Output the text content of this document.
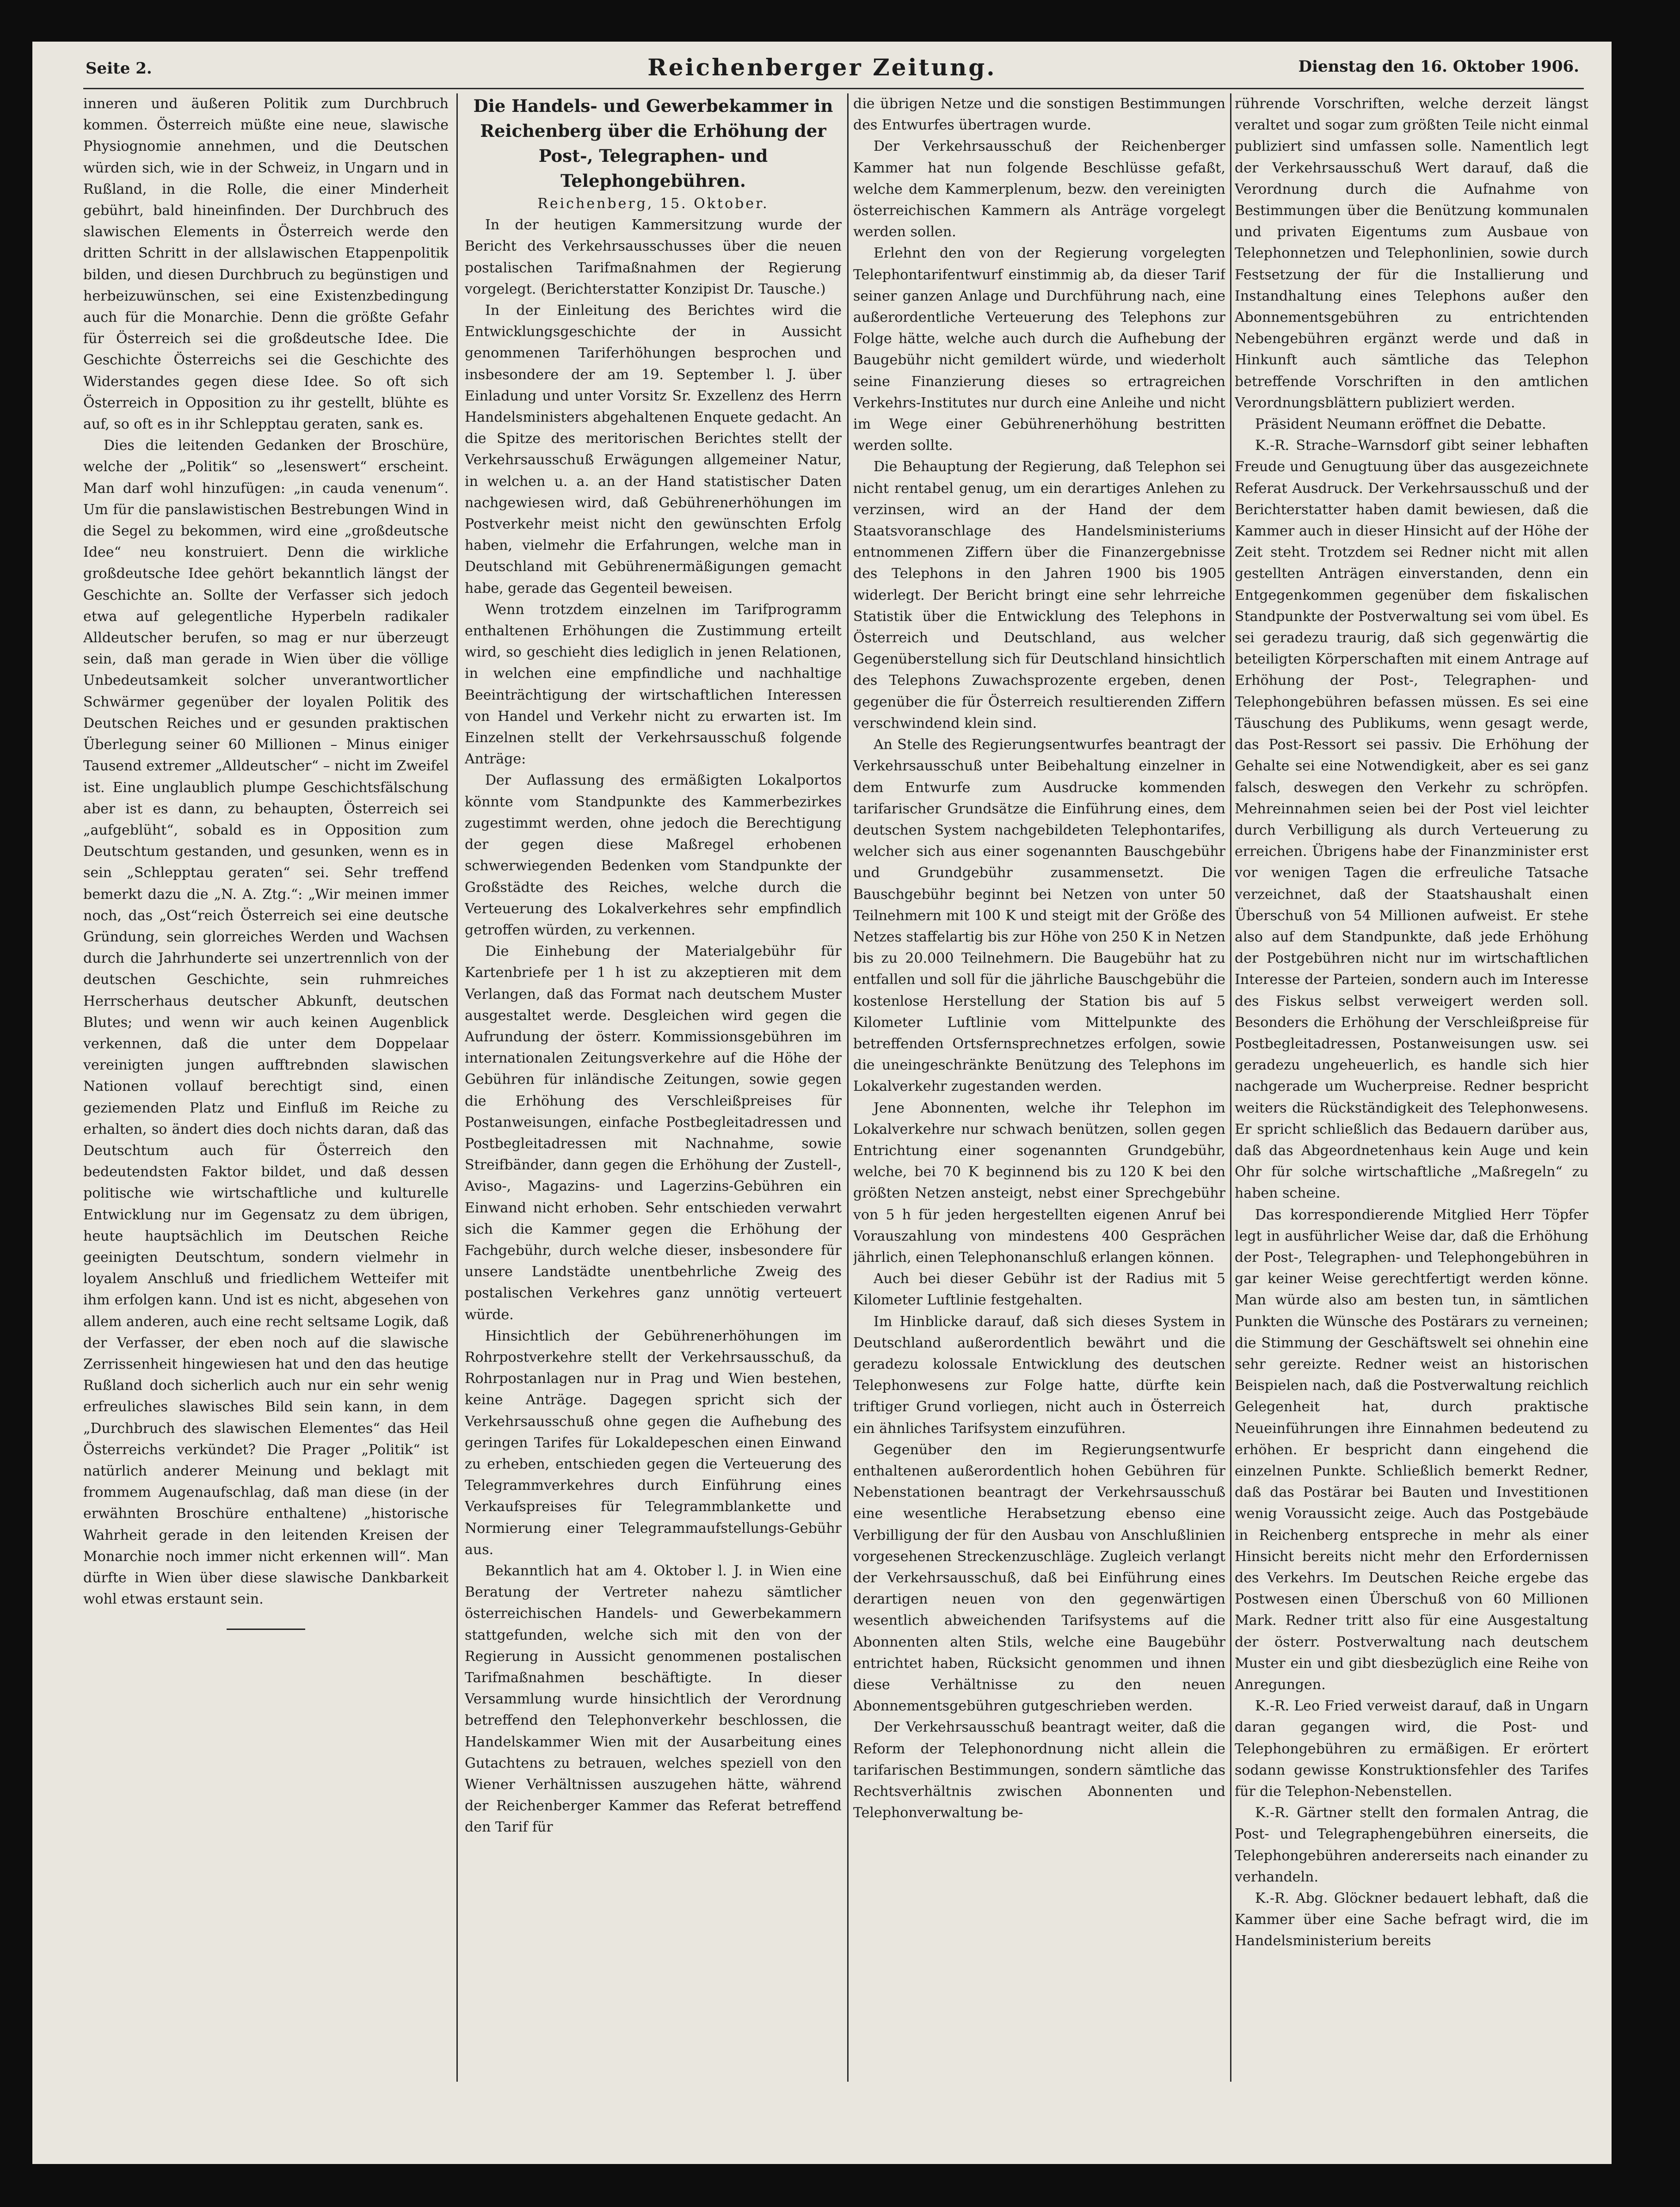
Seite 2.	Reichenberger Zeitung.	Dienstag den 16. Oktober 1906.

inneren und äußeren Politik zum Durchbruch kommen. Österreich müßte eine neue, slawische Physiognomie annehmen, und die Deutschen würden sich, wie in der Schweiz, in Ungarn und in Rußland, in die Rolle, die einer Minderheit gebührt, bald hineinfinden. Der Durchbruch des slawischen Elements in Österreich werde den dritten Schritt in der allslawischen Etappenpolitik bilden, und diesen Durchbruch zu begünstigen und herbeizuwünschen, sei eine Existenzbedingung auch für die Monarchie. Denn die größte Gefahr für Österreich sei die großdeutsche Idee. Die Geschichte Österreichs sei die Geschichte des Widerstandes gegen diese Idee. So oft sich Österreich in Opposition zu ihr gestellt, blühte es auf, so oft es in ihr Schlepptau geraten, sank es.

Dies die leitenden Gedanken der Broschüre, welche der „Politik“ so „lesenswert“ erscheint. Man darf wohl hinzufügen: „in cauda venenum“. Um für die panslawistischen Bestrebungen Wind in die Segel zu bekommen, wird eine „großdeutsche Idee“ neu konstruiert. Denn die wirkliche großdeutsche Idee gehört bekanntlich längst der Geschichte an. Sollte der Verfasser sich jedoch etwa auf gelegentliche Hyperbeln radikaler Alldeutscher berufen, so mag er nur überzeugt sein, daß man gerade in Wien über die völlige Unbedeutsamkeit solcher unverantwortlicher Schwärmer gegenüber der loyalen Politik des Deutschen Reiches und er gesunden praktischen Überlegung seiner 60 Millionen – Minus einiger Tausend extremer „Alldeutscher“ – nicht im Zweifel ist. Eine unglaublich plumpe Geschichtsfälschung aber ist es dann, zu behaupten, Österreich sei „aufgeblüht“, sobald es in Opposition zum Deutschtum gestanden, und gesunken, wenn es in sein „Schlepptau geraten“ sei. Sehr treffend bemerkt dazu die „N. A. Ztg.“: „Wir meinen immer noch, das „Ost“reich Österreich sei eine deutsche Gründung, sein glorreiches Werden und Wachsen durch die Jahrhunderte sei unzertrennlich von der deutschen Geschichte, sein ruhmreiches Herrscherhaus deutscher Abkunft, deutschen Blutes; und wenn wir auch keinen Augenblick verkennen, daß die unter dem Doppelaar vereinigten jungen aufftrebnden slawischen Nationen vollauf berechtigt sind, einen geziemenden Platz und Einfluß im Reiche zu erhalten, so ändert dies doch nichts daran, daß das Deutschtum auch für Österreich den bedeutendsten Faktor bildet, und daß dessen politische wie wirtschaftliche und kulturelle Entwicklung nur im Gegensatz zu dem übrigen, heute hauptsächlich im Deutschen Reiche geeinigten Deutschtum, sondern vielmehr in loyalem Anschluß und friedlichem Wetteifer mit ihm erfolgen kann. Und ist es nicht, abgesehen von allem anderen, auch eine recht seltsame Logik, daß der Verfasser, der eben noch auf die slawische Zerrissenheit hingewiesen hat und den das heutige Rußland doch sicherlich auch nur ein sehr wenig erfreuliches slawisches Bild sein kann, in dem „Durchbruch des slawischen Elementes“ das Heil Österreichs verkündet? Die Prager „Politik“ ist natürlich anderer Meinung und beklagt mit frommem Augenaufschlag, daß man diese (in der erwähnten Broschüre enthaltene) „historische Wahrheit gerade in den leitenden Kreisen der Monarchie noch immer nicht erkennen will“. Man dürfte in Wien über diese slawische Dankbarkeit wohl etwas erstaunt sein.

Die Handels- und Gewerbekammer in Reichenberg über die Erhöhung der Post-, Telegraphen- und Telephongebühren.

Reichenberg, 15. Oktober.

In der heutigen Kammersitzung wurde der Bericht des Verkehrsausschusses über die neuen postalischen Tarifmaßnahmen der Regierung vorgelegt. (Berichterstatter Konzipist Dr. Tausche.)

In der Einleitung des Berichtes wird die Entwicklungsgeschichte der in Aussicht genommenen Tariferhöhungen besprochen und insbesondere der am 19. September l. J. über Einladung und unter Vorsitz Sr. Exzellenz des Herrn Handelsministers abgehaltenen Enquete gedacht. An die Spitze des meritorischen Berichtes stellt der Verkehrsausschuß Erwägungen allgemeiner Natur, in welchen u. a. an der Hand statistischer Daten nachgewiesen wird, daß Gebührenerhöhungen im Postverkehr meist nicht den gewünschten Erfolg haben, vielmehr die Erfahrungen, welche man in Deutschland mit Gebührenermäßigungen gemacht habe, gerade das Gegenteil beweisen.

Wenn trotzdem einzelnen im Tarifprogramm enthaltenen Erhöhungen die Zustimmung erteilt wird, so geschieht dies lediglich in jenen Relationen, in welchen eine empfindliche und nachhaltige Beeinträchtigung der wirtschaftlichen Interessen von Handel und Verkehr nicht zu erwarten ist. Im Einzelnen stellt der Verkehrsausschuß folgende Anträge:

Der Auflassung des ermäßigten Lokalportos könnte vom Standpunkte des Kammerbezirkes zugestimmt werden, ohne jedoch die Berechtigung der gegen diese Maßregel erhobenen schwerwiegenden Bedenken vom Standpunkte der Großstädte des Reiches, welche durch die Verteuerung des Lokalverkehres sehr empfindlich getroffen würden, zu verkennen.

Die Einhebung der Materialgebühr für Kartenbriefe per 1 h ist zu akzeptieren mit dem Verlangen, daß das Format nach deutschem Muster ausgestaltet werde. Desgleichen wird gegen die Aufrundung der österr. Kommissionsgebühren im internationalen Zeitungsverkehre auf die Höhe der Gebühren für inländische Zeitungen, sowie gegen die Erhöhung des Verschleißpreises für Postanweisungen, einfache Postbegleitadressen und Postbegleitadressen mit Nachnahme, sowie Streifbänder, dann gegen die Erhöhung der Zustell-, Aviso-, Magazins- und Lagerzins-Gebühren ein Einwand nicht erhoben. Sehr entschieden verwahrt sich die Kammer gegen die Erhöhung der Fachgebühr, durch welche dieser, insbesondere für unsere Landstädte unentbehrliche Zweig des postalischen Verkehres ganz unnötig verteuert würde.

Hinsichtlich der Gebührenerhöhungen im Rohrpostverkehre stellt der Verkehrsausschuß, da Rohrpostanlagen nur in Prag und Wien bestehen, keine Anträge. Dagegen spricht sich der Verkehrsausschuß ohne gegen die Aufhebung des geringen Tarifes für Lokaldepeschen einen Einwand zu erheben, entschieden gegen die Verteuerung des Telegrammverkehres durch Einführung eines Verkaufspreises für Telegrammblankette und Normierung einer Telegrammaufstellungs-Gebühr aus.

Bekanntlich hat am 4. Oktober l. J. in Wien eine Beratung der Vertreter nahezu sämtlicher österreichischen Handels- und Gewerbekammern stattgefunden, welche sich mit den von der Regierung in Aussicht genommenen postalischen Tarifmaßnahmen beschäftigte. In dieser Versammlung wurde hinsichtlich der Verordnung betreffend den Telephonverkehr beschlossen, die Handelskammer Wien mit der Ausarbeitung eines Gutachtens zu betrauen, welches speziell von den Wiener Verhältnissen auszugehen hätte, während der Reichenberger Kammer das Referat betreffend den Tarif für

die übrigen Netze und die sonstigen Bestimmungen des Entwurfes übertragen wurde.

Der Verkehrsausschuß der Reichenberger Kammer hat nun folgende Beschlüsse gefaßt, welche dem Kammerplenum, bezw. den vereinigten österreichischen Kammern als Anträge vorgelegt werden sollen.

Erlehnt den von der Regierung vorgelegten Telephontarifentwurf einstimmig ab, da dieser Tarif seiner ganzen Anlage und Durchführung nach, eine außerordentliche Verteuerung des Telephons zur Folge hätte, welche auch durch die Aufhebung der Baugebühr nicht gemildert würde, und wiederholt seine Finanzierung dieses so ertragreichen Verkehrs-Institutes nur durch eine Anleihe und nicht im Wege einer Gebührenerhöhung bestritten werden sollte.

Die Behauptung der Regierung, daß Telephon sei nicht rentabel genug, um ein derartiges Anlehen zu verzinsen, wird an der Hand der dem Staatsvoranschlage des Handelsministeriums entnommenen Ziffern über die Finanzergebnisse des Telephons in den Jahren 1900 bis 1905 widerlegt. Der Bericht bringt eine sehr lehrreiche Statistik über die Entwicklung des Telephons in Österreich und Deutschland, aus welcher Gegenüberstellung sich für Deutschland hinsichtlich des Telephons Zuwachsprozente ergeben, denen gegenüber die für Österreich resultierenden Ziffern verschwindend klein sind.

An Stelle des Regierungsentwurfes beantragt der Verkehrsausschuß unter Beibehaltung einzelner in dem Entwurfe zum Ausdrucke kommenden tarifarischer Grundsätze die Einführung eines, dem deutschen System nachgebildeten Telephontarifes, welcher sich aus einer sogenannten Bauschgebühr und Grundgebühr zusammensetzt. Die Bauschgebühr beginnt bei Netzen von unter 50 Teilnehmern mit 100 K und steigt mit der Größe des Netzes staffelartig bis zur Höhe von 250 K in Netzen bis zu 20.000 Teilnehmern. Die Baugebühr hat zu entfallen und soll für die jährliche Bauschgebühr die kostenlose Herstellung der Station bis auf 5 Kilometer Luftlinie vom Mittelpunkte des betreffenden Ortsfernsprechnetzes erfolgen, sowie die uneingeschränkte Benützung des Telephons im Lokalverkehr zugestanden werden.

Jene Abonnenten, welche ihr Telephon im Lokalverkehre nur schwach benützen, sollen gegen Entrichtung einer sogenannten Grundgebühr, welche, bei 70 K beginnend bis zu 120 K bei den größten Netzen ansteigt, nebst einer Sprechgebühr von 5 h für jeden hergestellten eigenen Anruf bei Vorauszahlung von mindestens 400 Gesprächen jährlich, einen Telephonanschluß erlangen können.

Auch bei dieser Gebühr ist der Radius mit 5 Kilometer Luftlinie festgehalten.

Im Hinblicke darauf, daß sich dieses System in Deutschland außerordentlich bewährt und die geradezu kolossale Entwicklung des deutschen Telephonwesens zur Folge hatte, dürfte kein triftiger Grund vorliegen, nicht auch in Österreich ein ähnliches Tarifsystem einzuführen.

Gegenüber den im Regierungsentwurfe enthaltenen außerordentlich hohen Gebühren für Nebenstationen beantragt der Verkehrsausschuß eine wesentliche Herabsetzung ebenso eine Verbilligung der für den Ausbau von Anschlußlinien vorgesehenen Streckenzuschläge. Zugleich verlangt der Verkehrsausschuß, daß bei Einführung eines derartigen neuen von den gegenwärtigen wesentlich abweichenden Tarifsystems auf die Abonnenten alten Stils, welche eine Baugebühr entrichtet haben, Rücksicht genommen und ihnen diese Verhältnisse zu den neuen Abonnementsgebühren gutgeschrieben werden.

Der Verkehrsausschuß beantragt weiter, daß die Reform der Telephonordnung nicht allein die tarifarischen Bestimmungen, sondern sämtliche das Rechtsverhältnis zwischen Abonnenten und Telephonverwaltung be-

rührende Vorschriften, welche derzeit längst veraltet und sogar zum größten Teile nicht einmal publiziert sind umfassen solle. Namentlich legt der Verkehrsausschuß Wert darauf, daß die Verordnung durch die Aufnahme von Bestimmungen über die Benützung kommunalen und privaten Eigentums zum Ausbaue von Telephonnetzen und Telephonlinien, sowie durch Festsetzung der für die Installierung und Instandhaltung eines Telephons außer den Abonnementsgebühren zu entrichtenden Nebengebühren ergänzt werde und daß in Hinkunft auch sämtliche das Telephon betreffende Vorschriften in den amtlichen Verordnungsblättern publiziert werden.

Präsident Neumann eröffnet die Debatte.

K.-R. Strache–Warnsdorf gibt seiner lebhaften Freude und Genugtuung über das ausgezeichnete Referat Ausdruck. Der Verkehrsausschuß und der Berichterstatter haben damit bewiesen, daß die Kammer auch in dieser Hinsicht auf der Höhe der Zeit steht. Trotzdem sei Redner nicht mit allen gestellten Anträgen einverstanden, denn ein Entgegenkommen gegenüber dem fiskalischen Standpunkte der Postverwaltung sei vom übel. Es sei geradezu traurig, daß sich gegenwärtig die beteiligten Körperschaften mit einem Antrage auf Erhöhung der Post-, Telegraphen- und Telephongebühren befassen müssen. Es sei eine Täuschung des Publikums, wenn gesagt werde, das Post-Ressort sei passiv. Die Erhöhung der Gehalte sei eine Notwendigkeit, aber es sei ganz falsch, deswegen den Verkehr zu schröpfen. Mehreinnahmen seien bei der Post viel leichter durch Verbilligung als durch Verteuerung zu erreichen. Übrigens habe der Finanzminister erst vor wenigen Tagen die erfreuliche Tatsache verzeichnet, daß der Staatshaushalt einen Überschuß von 54 Millionen aufweist. Er stehe also auf dem Standpunkte, daß jede Erhöhung der Postgebühren nicht nur im wirtschaftlichen Interesse der Parteien, sondern auch im Interesse des Fiskus selbst verweigert werden soll. Besonders die Erhöhung der Verschleißpreise für Postbegleitadressen, Postanweisungen usw. sei geradezu ungeheuerlich, es handle sich hier nachgerade um Wucherpreise. Redner bespricht weiters die Rückständigkeit des Telephonwesens. Er spricht schließlich das Bedauern darüber aus, daß das Abgeordnetenhaus kein Auge und kein Ohr für solche wirtschaftliche „Maßregeln“ zu haben scheine.

Das korrespondierende Mitglied Herr Töpfer legt in ausführlicher Weise dar, daß die Erhöhung der Post-, Telegraphen- und Telephongebühren in gar keiner Weise gerechtfertigt werden könne. Man würde also am besten tun, in sämtlichen Punkten die Wünsche des Postärars zu verneinen; die Stimmung der Geschäftswelt sei ohnehin eine sehr gereizte. Redner weist an historischen Beispielen nach, daß die Postverwaltung reichlich Gelegenheit hat, durch praktische Neueinführungen ihre Einnahmen bedeutend zu erhöhen. Er bespricht dann eingehend die einzelnen Punkte. Schließlich bemerkt Redner, daß das Postärar bei Bauten und Investitionen wenig Voraussicht zeige. Auch das Postgebäude in Reichenberg entspreche in mehr als einer Hinsicht bereits nicht mehr den Erfordernissen des Verkehrs. Im Deutschen Reiche ergebe das Postwesen einen Überschuß von 60 Millionen Mark. Redner tritt also für eine Ausgestaltung der österr. Postverwaltung nach deutschem Muster ein und gibt diesbezüglich eine Reihe von Anregungen.

K.-R. Leo Fried verweist darauf, daß in Ungarn daran gegangen wird, die Post- und Telephongebühren zu ermäßigen. Er erörtert sodann gewisse Konstruktionsfehler des Tarifes für die Telephon-Nebenstellen.

K.-R. Gärtner stellt den formalen Antrag, die Post- und Telegraphengebühren einerseits, die Telephongebühren andererseits nach einander zu verhandeln.

K.-R. Abg. Glöckner bedauert lebhaft, daß die Kammer über eine Sache befragt wird, die im Handelsministerium bereits
